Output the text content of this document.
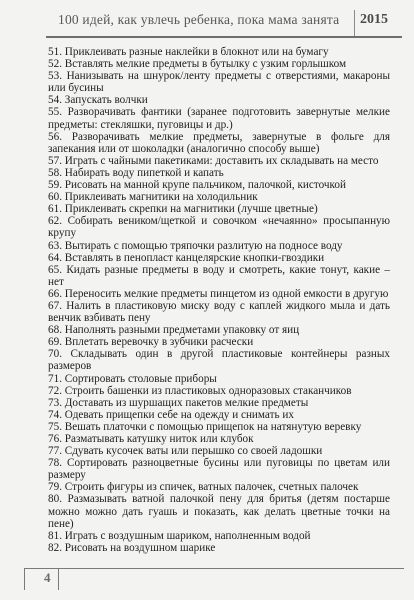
100 идей, как увлечь ребенка, пока мама занята 2015
51. Приклеивать разные наклейки в блокнот или на бумагу
52. Вставлять мелкие предметы в бутылку с узким горлышком
53. Нанизывать на шнурок/ленту предметы с отверстиями, макароны или бусины
54. Запускать волчки
55. Разворачивать фантики (заранее подготовить завернутые мелкие предметы: стекляшки, пуговицы и др.)
56. Разворачивать мелкие предметы, завернутые в фольге для запекания или от шоколадки (аналогично способу выше)
57. Играть с чайными пакетиками: доставить их складывать на место
58. Набирать воду пипеткой и капать
59. Рисовать на манной крупе пальчиком, палочкой, кисточкой
60. Приклеивать магнитики на холодильник
61. Приклеивать скрепки на магнитики (лучше цветные)
62. Собирать веником/щеткой и совочком «нечаянно» просыпанную крупу
63. Вытирать с помощью тряпочки разлитую на подносе воду
64. Вставлять в пенопласт канцелярские кнопки-гвоздики
65. Кидать разные предметы в воду и смотреть, какие тонут, какие – нет
66. Переносить мелкие предметы пинцетом из одной емкости в другую
67. Налить в пластиковую миску воду с каплей жидкого мыла и дать венчик взбивать пену
68. Наполнять разными предметами упаковку от яиц
69. Вплетать веревочку в зубчики расчески
70. Складывать один в другой пластиковые контейнеры разных размеров
71. Сортировать столовые приборы
72. Строить башенки из пластиковых одноразовых стаканчиков
73. Доставать из шуршащих пакетов мелкие предметы
74. Одевать прищепки себе на одежду и снимать их
75. Вешать платочки с помощью прищепок на натянутую веревку
76. Разматывать катушку ниток или клубок
77. Сдувать кусочек ваты или перышко со своей ладошки
78. Сортировать разноцветные бусины или пуговицы по цветам или размеру
79. Строить фигуры из спичек, ватных палочек, счетных палочек
80. Размазывать ватной палочкой пену для бритья (детям постарше можно можно дать гуашь и показать, как делать цветные точки на пене)
81. Играть с воздушным шариком, наполненным водой
82. Рисовать на воздушном шарике
4
